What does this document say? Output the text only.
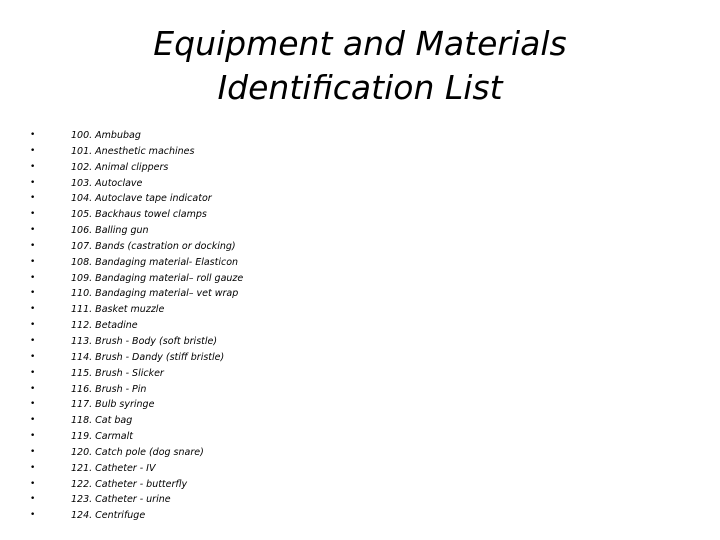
Equipment and Materials
Identification List
•	100. Ambubag
•	101. Anesthetic machines
•	102. Animal clippers
•	103. Autoclave
•	104. Autoclave tape indicator
•	105. Backhaus towel clamps
•	106. Balling gun
•	107. Bands (castration or docking)
•	108. Bandaging material- Elasticon
•	109. Bandaging material– roll gauze
•	110. Bandaging material– vet wrap
•	111. Basket muzzle
•	112. Betadine
•	113. Brush - Body (soft bristle)
•	114. Brush - Dandy (stiff bristle)
•	115. Brush - Slicker
•	116. Brush - Pin
•	117. Bulb syringe
•	118. Cat bag
•	119. Carmalt
•	120. Catch pole (dog snare)
•	121. Catheter - IV
•	122. Catheter - butterfly
•	123. Catheter - urine
•	124. Centrifuge
